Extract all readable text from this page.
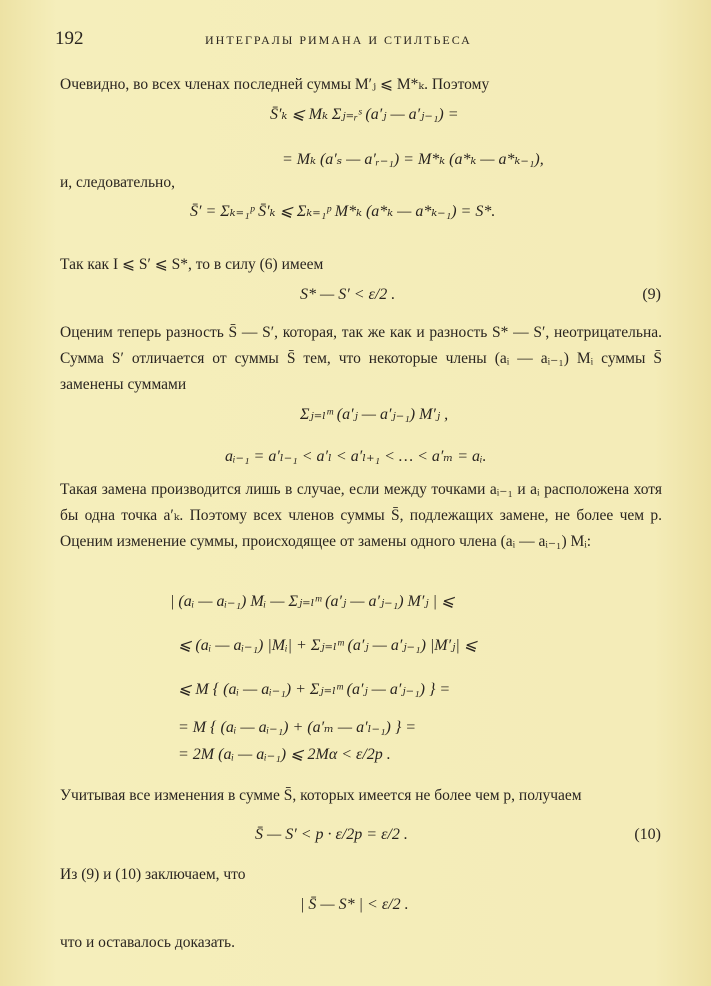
192	ИНТЕГРАЛЫ РИМАНА И СТИЛТЬЕСА
Очевидно, во всех членах последней суммы M′ⱼ ⩽ M*ₖ. Поэтому
S̄′ₖ ⩽ Mₖ Σⱼ₌ᵣˢ (a′ⱼ — a′ⱼ₋₁) =
= Mₖ (a′ₛ — a′ᵣ₋₁) = M*ₖ (a*ₖ — a*ₖ₋₁),
и, следовательно,
S̄′ = Σₖ₌₁ᵖ S̄′ₖ ⩽ Σₖ₌₁ᵖ M*ₖ (a*ₖ — a*ₖ₋₁) = S*.
Так как I ⩽ S′ ⩽ S*, то в силу (6) имеем
S* — S′ < ε/2 .	(9)
Оценим теперь разность S̄ — S′, которая, так же как и разность S* — S′, неотрицательна. Сумма S′ отличается от суммы S̄ тем, что некоторые члены (aᵢ — aᵢ₋₁) Mᵢ суммы S̄ заменены суммами
Σⱼ₌ₗᵐ (a′ⱼ — a′ⱼ₋₁) M′ⱼ ,
aᵢ₋₁ = a′ₗ₋₁ < a′ₗ < a′ₗ₊₁ < … < a′ₘ = aᵢ.
Такая замена производится лишь в случае, если между точками aᵢ₋₁ и aᵢ расположена хотя бы одна точка a′ₖ. Поэтому всех членов суммы S̄, подлежащих замене, не более чем p. Оценим изменение суммы, происходящее от замены одного члена (aᵢ — aᵢ₋₁) Mᵢ:
| (aᵢ — aᵢ₋₁) Mᵢ — Σⱼ₌ₗᵐ (a′ⱼ — a′ⱼ₋₁) M′ⱼ | ⩽
⩽ (aᵢ — aᵢ₋₁) |Mᵢ| + Σⱼ₌ₗᵐ (a′ⱼ — a′ⱼ₋₁) |M′ⱼ| ⩽
⩽ M { (aᵢ — aᵢ₋₁) + Σⱼ₌ₗᵐ (a′ⱼ — a′ⱼ₋₁) } =
= M { (aᵢ — aᵢ₋₁) + (a′ₘ — a′ₗ₋₁) } =
= 2M (aᵢ — aᵢ₋₁) ⩽ 2Mα < ε/2p .
Учитывая все изменения в сумме S̄, которых имеется не более чем p, получаем
S̄ — S′ < p · ε/2p = ε/2 .	(10)
Из (9) и (10) заключаем, что
| S̄ — S* | < ε/2 .
что и оставалось доказать.
